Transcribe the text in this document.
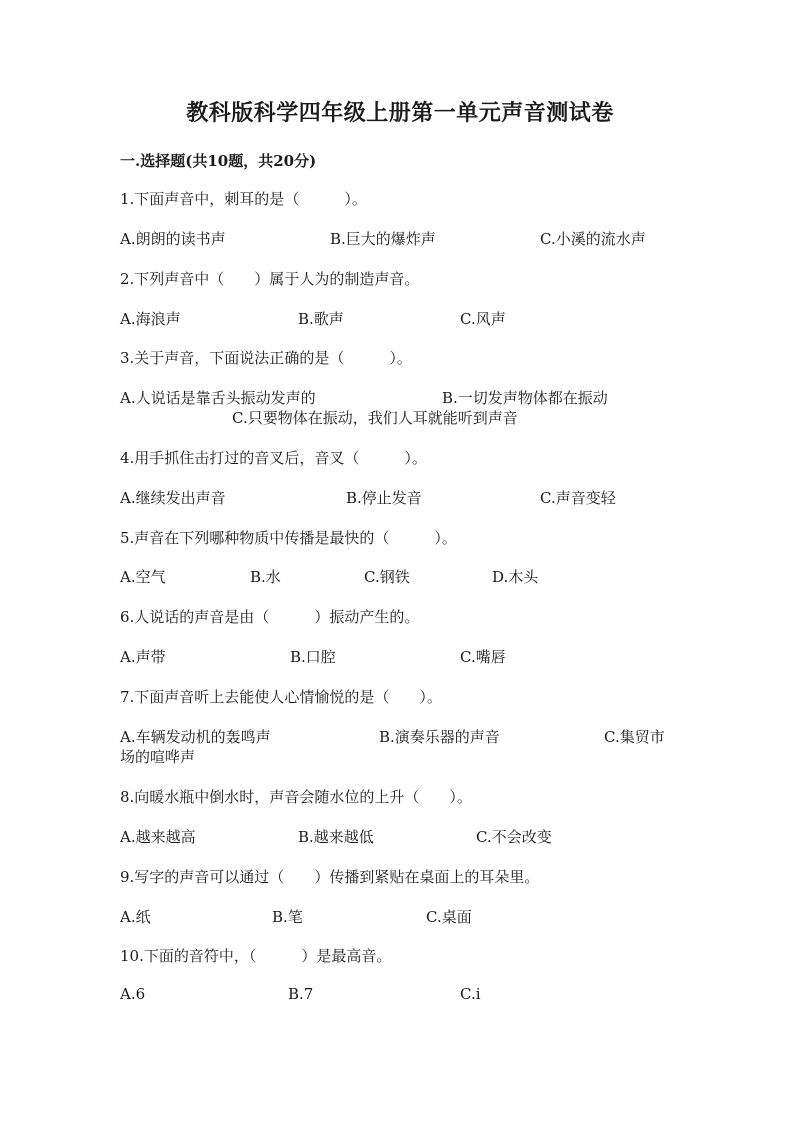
教科版科学四年级上册第一单元声音测试卷
一.选择题(共10题，共20分)
1.下面声音中，刺耳的是（　　　）。
A.朗朗的读书声	B.巨大的爆炸声	C.小溪的流水声
2.下列声音中（　　）属于人为的制造声音。
A.海浪声	B.歌声	C.风声
3.关于声音，下面说法正确的是（　　　）。
A.人说话是靠舌头振动发声的	B.一切发声物体都在振动
C.只要物体在振动，我们人耳就能听到声音
4.用手抓住击打过的音叉后，音叉（　　　）。
A.继续发出声音	B.停止发音	C.声音变轻
5.声音在下列哪种物质中传播是最快的（　　　）。
A.空气	B.水	C.钢铁	D.木头
6.人说话的声音是由（　　　）振动产生的。
A.声带	B.口腔	C.嘴唇
7.下面声音听上去能使人心情愉悦的是（　　）。
A.车辆发动机的轰鸣声	B.演奏乐器的声音	C.集贸市
场的喧哗声
8.向暖水瓶中倒水时，声音会随水位的上升（　　）。
A.越来越高	B.越来越低	C.不会改变
9.写字的声音可以通过（　　）传播到紧贴在桌面上的耳朵里。
A.纸	B.笔	C.桌面
10.下面的音符中，（　　　）是最高音。
A.6	B.7	C.i
